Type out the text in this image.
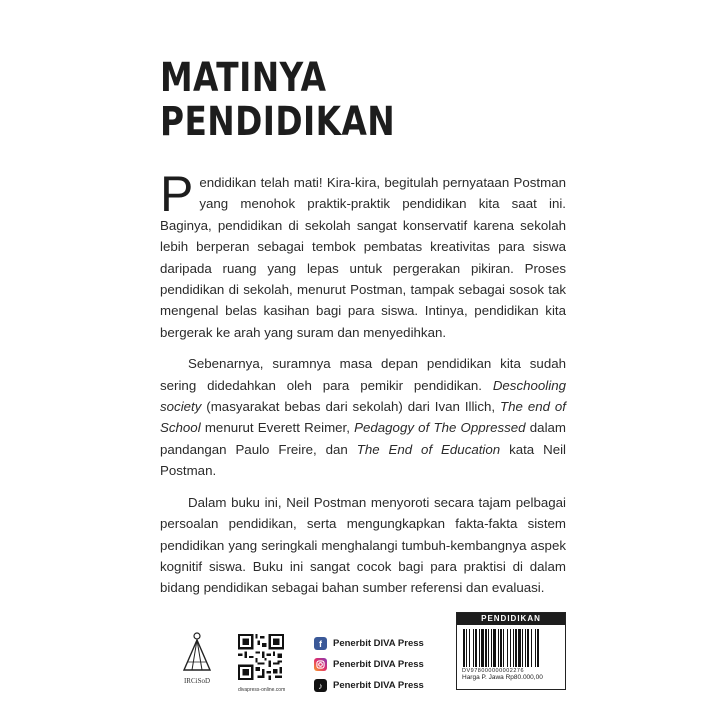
MATINYA
PENDIDIKAN

Pendidikan telah mati! Kira-kira, begitulah pernyataan Postman yang menohok praktik-praktik pendidikan kita saat ini. Baginya, pendidikan di sekolah sangat konservatif karena sekolah lebih berperan sebagai tembok pembatas kreativitas para siswa daripada ruang yang lepas untuk pergerakan pikiran. Proses pendidikan di sekolah, menurut Postman, tampak sebagai sosok tak mengenal belas kasihan bagi para siswa. Intinya, pendidikan kita bergerak ke arah yang suram dan menyedihkan.

Sebenarnya, suramnya masa depan pendidikan kita sudah sering didedahkan oleh para pemikir pendidikan. Deschooling society (masyarakat bebas dari sekolah) dari Ivan Illich, The end of School menurut Everett Reimer, Pedagogy of The Oppressed dalam pandangan Paulo Freire, dan The End of Education kata Neil Postman.

Dalam buku ini, Neil Postman menyoroti secara tajam pelbagai persoalan pendidikan, serta mengungkapkan fakta-fakta sistem pendidikan yang seringkali menghalangi tumbuh-kembangnya aspek kognitif siswa. Buku ini sangat cocok bagi para praktisi di dalam bidang pendidikan sebagai bahan sumber referensi dan evaluasi.

IRCiSoD
divapress-online.com
f	Penerbit DIVA Press
Penerbit DIVA Press
♪	Penerbit DIVA Press
PENDIDIKAN
DV978000000002276
Harga P. Jawa Rp80.000,00
